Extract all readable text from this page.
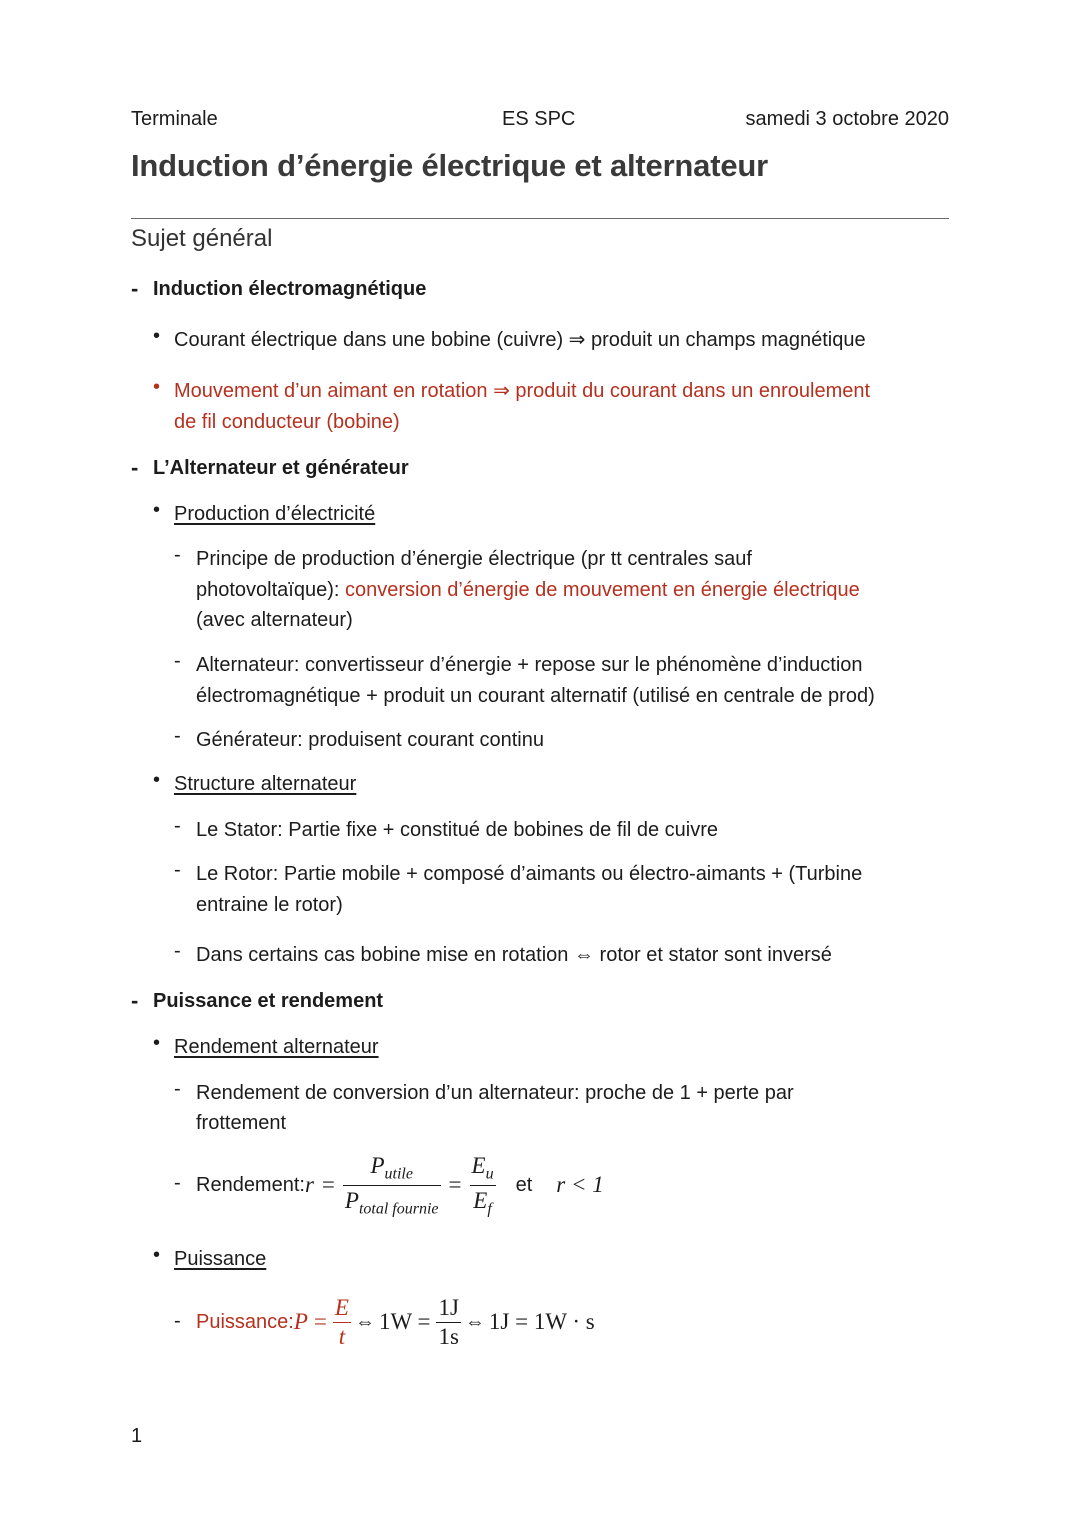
Terminale	ES SPC	samedi 3 octobre 2020
Induction d’énergie électrique et alternateur
Sujet général
- Induction électromagnétique
• Courant électrique dans une bobine (cuivre) ⇒ produit un champs magnétique
• Mouvement d’un aimant en rotation ⇒ produit du courant dans un enroulement
de fil conducteur (bobine)
- L’Alternateur et générateur
• Production d’électricité
- Principe de production d’énergie électrique (pr tt centrales sauf
photovoltaïque): conversion d’énergie de mouvement en énergie électrique
(avec alternateur)
- Alternateur: convertisseur d’énergie + repose sur le phénomène d’induction
électromagnétique + produit un courant alternatif (utilisé en centrale de prod)
- Générateur: produisent courant continu
• Structure alternateur
- Le Stator: Partie fixe + constitué de bobines de fil de cuivre
- Le Rotor: Partie mobile + composé d’aimants ou électro-aimants + (Turbine
entraine le rotor)
- Dans certains cas bobine mise en rotation ⇔ rotor et stator sont inversé
- Puissance et rendement
• Rendement alternateur
- Rendement de conversion d’un alternateur: proche de 1 + perte par
frottement
- Rendement: $r = \frac{P_{utile}}{P_{total fournie}} = \frac{E_u}{E_f}$ et r < 1
• Puissance
- Puissance: $P = \frac{E}{t}$ ⇔ $1W = \frac{1J}{1s}$ ⇔ 1J = 1W · s
1
